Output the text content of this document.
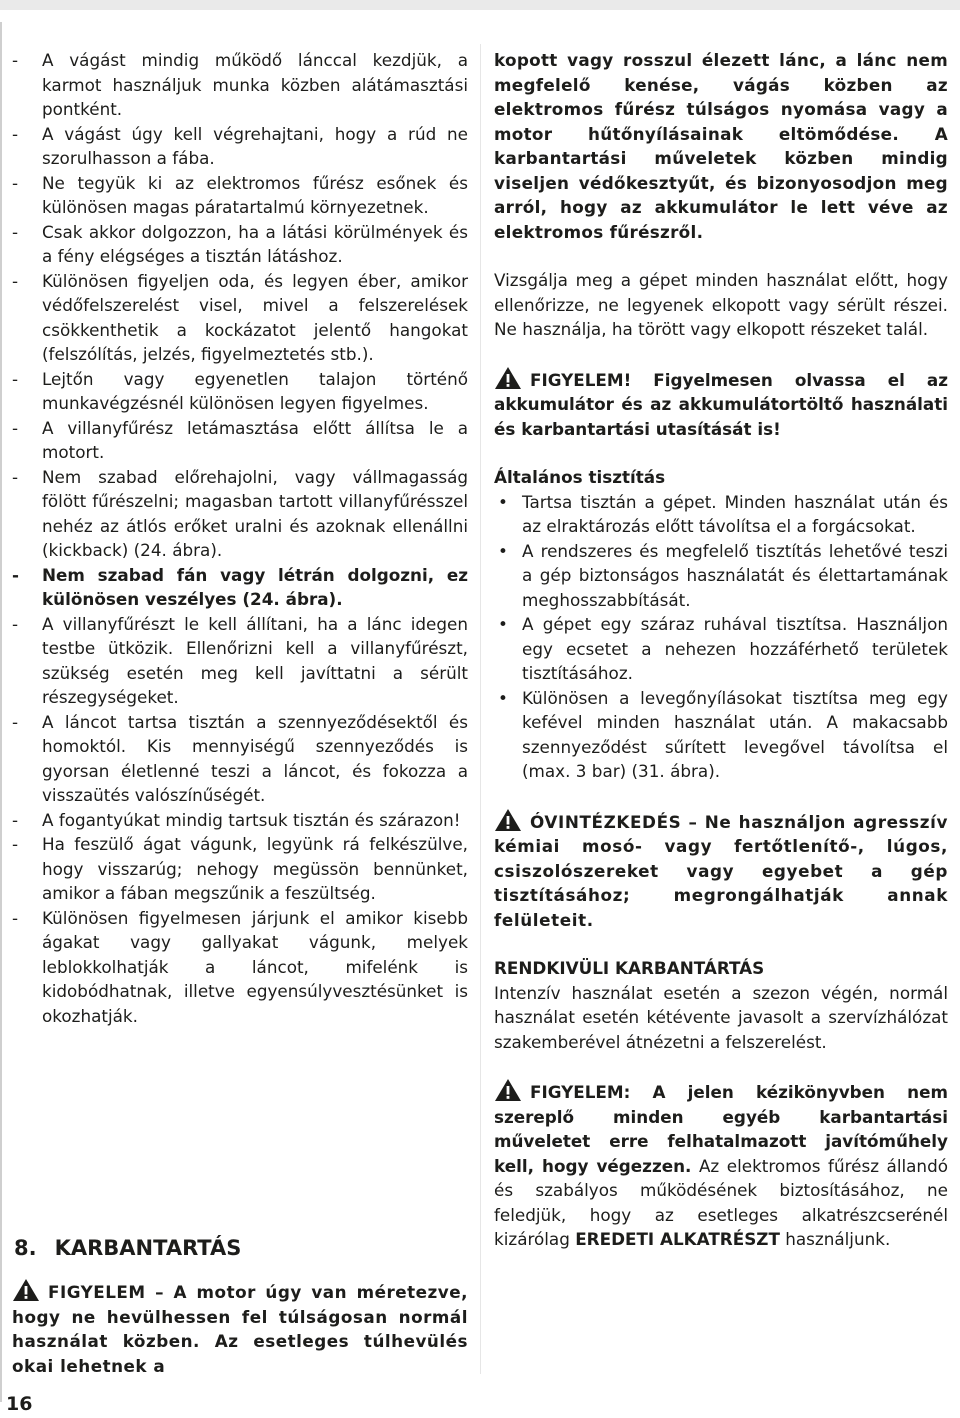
-	A vágást mindig működő lánccal kezdjük, a karmot használjuk munka közben alátámasztási pontként.
-	A vágást úgy kell végrehajtani, hogy a rúd ne szorulhasson a fába.
-	Ne tegyük ki az elektromos fűrész esőnek és különösen magas páratartalmú környezetnek.
-	Csak akkor dolgozzon, ha a látási körülmények és a fény elégséges a tisztán látáshoz.
-	Különösen figyeljen oda, és legyen éber, amikor védőfelszerelést visel, mivel a felszerelések csökkenthetik a kockázatot jelentő hangokat (felszólítás, jelzés, figyelmeztetés stb.).
-	Lejtőn vagy egyenetlen talajon történő munkavégzésnél különösen legyen figyelmes.
-	A villanyfűrész letámasztása előtt állítsa le a motort.
-	Nem szabad előrehajolni, vagy vállmagasság fölött fűrészelni; magasban tartott villanyfűrésszel nehéz az átlós erőket uralni és azoknak ellenállni (kickback) (24. ábra).
-	Nem szabad fán vagy létrán dolgozni, ez különösen veszélyes (24. ábra).
-	A villanyfűrészt le kell állítani, ha a lánc idegen testbe ütközik. Ellenőrizni kell a villanyfűrészt, szükség esetén meg kell javíttatni a sérült részegységeket.
-	A láncot tartsa tisztán a szennyeződésektől és homoktól. Kis mennyiségű szennyeződés is gyorsan életlenné teszi a láncot, és fokozza a visszaütés valószínűségét.
-	A fogantyúkat mindig tartsuk tisztán és szárazon!
-	Ha feszülő ágat vágunk, legyünk rá felkészülve, hogy visszarúg; nehogy megüssön bennünket, amikor a fában megszűnik a feszültség.
-	Különösen figyelmesen járjunk el amikor kisebb ágakat vagy gallyakat vágunk, melyek leblokkolhatják a láncot, mifelénk is kidobódhatnak, illetve egyensúlyvesztésünket is okozhatják.
8. KARBANTARTÁS
FIGYELEM – A motor úgy van méretezve, hogy ne hevülhessen fel túlságosan normál használat közben. Az esetleges túlhevülés okai lehetnek a
16

kopott vagy rosszul élezett lánc, a lánc nem megfelelő kenése, vágás közben az elektromos fűrész túlságos nyomása vagy a motor hűtőnyílásainak eltömődése. A karbantartási műveletek közben mindig viseljen védőkesztyűt, és bizonyosodjon meg arról, hogy az akkumulátor le lett véve az elektromos fűrészről.

Vizsgálja meg a gépet minden használat előtt, hogy ellenőrizze, ne legyenek elkopott vagy sérült részei. Ne használja, ha törött vagy elkopott részeket talál.

FIGYELEM! Figyelmesen olvassa el az akkumulátor és az akkumulátortöltő használati és karbantartási utasítását is!

Általános tisztítás

• Tartsa tisztán a gépet. Minden használat után és az elraktározás előtt távolítsa el a forgácsokat.
• A rendszeres és megfelelő tisztítás lehetővé teszi a gép biztonságos használatát és élettartamának meghosszabbítását.
• A gépet egy száraz ruhával tisztítsa. Használjon egy ecsetet a nehezen hozzáférhető területek tisztításához.
• Különösen a levegőnyílásokat tisztítsa meg egy kefével minden használat után. A makacsabb szennyeződést sűrített levegővel távolítsa el (max. 3 bar) (31. ábra).
ÓVINTÉZKEDÉS – Ne használjon agresszív kémiai mosó- vagy fertőtlenítő-, lúgos, csiszolószereket vagy egyebet a gép tisztításához; megrongálhatják annak felületeit.

RENDKIVÜLI KARBANTÁRTÁS

Intenzív használat esetén a szezon végén, normál használat esetén kétévente javasolt a szervízhálózat szakemberével átnézetni a felszerelést.

FIGYELEM: A jelen kézikönyvben nem szereplő minden egyéb karbantartási műveletet erre felhatalmazott javítóműhely kell, hogy végezzen. Az elektromos fűrész állandó és szabályos működésének biztosításához, ne feledjük, hogy az esetleges alkatrészcserénél kizárólag EREDETI ALKATRÉSZT használjunk.
